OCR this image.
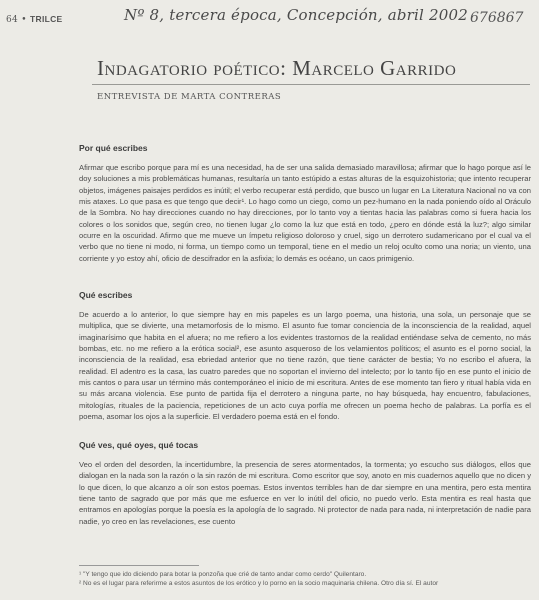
64 • TRILCE	Nº 8, tercera época, Concepción, abril 2002 676867
Indagatorio poético: Marcelo Garrido
ENTREVISTA DE MARTA CONTRERAS
Por qué escribes

Afirmar que escribo porque para mí es una necesidad, ha de ser una salida demasiado maravillosa; afirmar que lo hago porque así le doy soluciones a mis problemáticas humanas, resultaría un tanto estúpido a estas alturas de la esquizohistoria; que intento recuperar objetos, imágenes paisajes perdidos es inútil; el verbo recuperar está perdido, que busco un lugar en La Literatura Nacional no va con mis ataxes. Lo que pasa es que tengo que decir¹. Lo hago como un ciego, como un pez-humano en la nada poniendo oído al Oráculo de la Sombra. No hay direcciones cuando no hay direcciones, por lo tanto voy a tientas hacia las palabras como si fuera hacia los colores o los sonidos que, según creo, no tienen lugar ¿lo como la luz que está en todo, ¿pero en dónde está la luz?; algo similar ocurre en la oscuridad. Afirmo que me mueve un ímpetu religioso doloroso y cruel, sigo un derrotero sudamericano por el cual va el verbo que no tiene ni modo, ni forma, un tiempo como un temporal, tiene en el medio un reloj oculto como una noria; un viento, una corriente y yo estoy ahí, oficio de descifrador en la asfixia; lo demás es océano, un caos primigenio.

Qué escribes

De acuerdo a lo anterior, lo que siempre hay en mis papeles es un largo poema, una historia, una sola, un personaje que se multiplica, que se divierte, una metamorfosis de lo mismo. El asunto fue tomar conciencia de la inconsciencia de la realidad, aquel imaginarísimo que habita en el afuera; no me refiero a los evidentes trastornos de la realidad entiéndase selva de cemento, no más bombas, etc. no me refiero a la erótica social², ese asunto asqueroso de los velamientos políticos; el asunto es el porno social, la inconsciencia de la realidad, esa ebriedad anterior que no tiene razón, que tiene carácter de bestia; Yo no escribo el afuera, la realidad. El adentro es la casa, las cuatro paredes que no soportan el invierno del intelecto; por lo tanto fijo en ese punto el inicio de mis cantos o para usar un término más contemporáneo el inicio de mi escritura. Antes de ese momento tan fiero y ritual había vida en su más arcana violencia. Ese punto de partida fija el derrotero a ninguna parte, no hay búsqueda, hay encuentro, fabulaciones, mitologías, rituales de la paciencia, repeticiones de un acto cuya porfía me ofrecen un poema hecho de palabras. La porfía es el poema, asomar los ojos a la superficie. El verdadero poema está en el fondo.

Qué ves, qué oyes, qué tocas

Veo el orden del desorden, la incertidumbre, la presencia de seres atormentados, la tormenta; yo escucho sus diálogos, ellos que dialogan en la nada son la razón o la sin razón de mi escritura. Como escritor que soy, anoto en mis cuadernos aquello que no dicen y lo que dicen, lo que alcanzo a oír son estos poemas. Estos inventos terribles han de dar siempre en una mentira, pero esta mentira tiene tanto de sagrado que por más que me esfuerce en ver lo inútil del oficio, no puedo verlo. Esta mentira es real hasta que entramos en apologías porque la poesía es la apología de lo sagrado. Ni protector de nada para nada, ni interpretación de nadie para nadie, yo creo en las revelaciones, ese cuento

¹ "Y tengo que ido diciendo para botar la ponzoña que crié de tanto andar como cerdo" Quilentaro.
² No es el lugar para referirme a estos asuntos de los erótico y lo porno en la socio maquinaria chilena. Otro día sí. El autor
